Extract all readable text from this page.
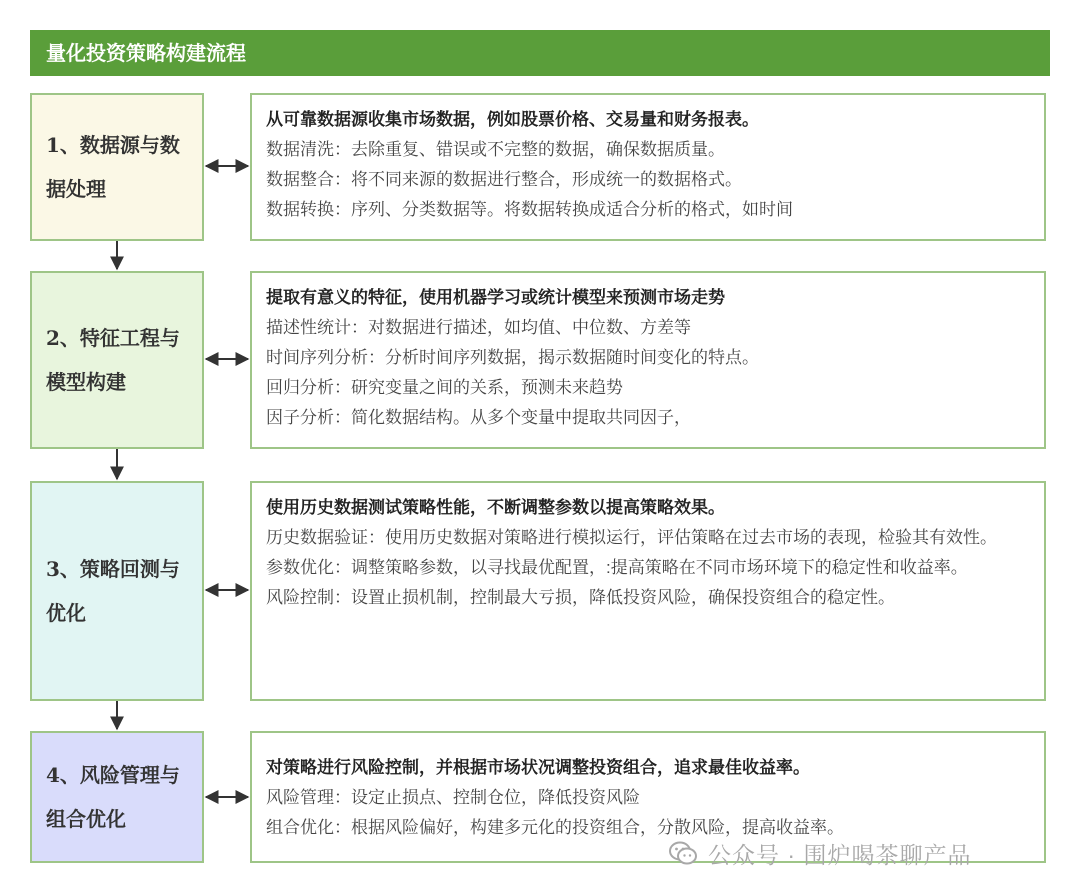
量化投资策略构建流程
1、数据源与数据处理
2、特征工程与模型构建
3、策略回测与优化
4、风险管理与组合优化
从可靠数据源收集市场数据，例如股票价格、交易量和财务报表。
数据清洗：去除重复、错误或不完整的数据，确保数据质量。
数据整合：将不同来源的数据进行整合，形成统一的数据格式。
数据转换：序列、分类数据等。将数据转换成适合分析的格式，如时间
提取有意义的特征，使用机器学习或统计模型来预测市场走势
描述性统计：对数据进行描述，如均值、中位数、方差等
时间序列分析：分析时间序列数据，揭示数据随时间变化的特点。
回归分析：研究变量之间的关系，预测未来趋势
因子分析：简化数据结构。从多个变量中提取共同因子，
使用历史数据测试策略性能，不断调整参数以提高策略效果。
历史数据验证：使用历史数据对策略进行模拟运行，评估策略在过去市场的表现，检验其有效性。
参数优化：调整策略参数，以寻找最优配置，:提高策略在不同市场环境下的稳定性和收益率。
风险控制：设置止损机制，控制最大亏损，降低投资风险，确保投资组合的稳定性。
对策略进行风险控制，并根据市场状况调整投资组合，追求最佳收益率。
风险管理：设定止损点、控制仓位，降低投资风险
组合优化：根据风险偏好，构建多元化的投资组合，分散风险，提高收益率。
公众号 · 围炉喝茶聊产品
